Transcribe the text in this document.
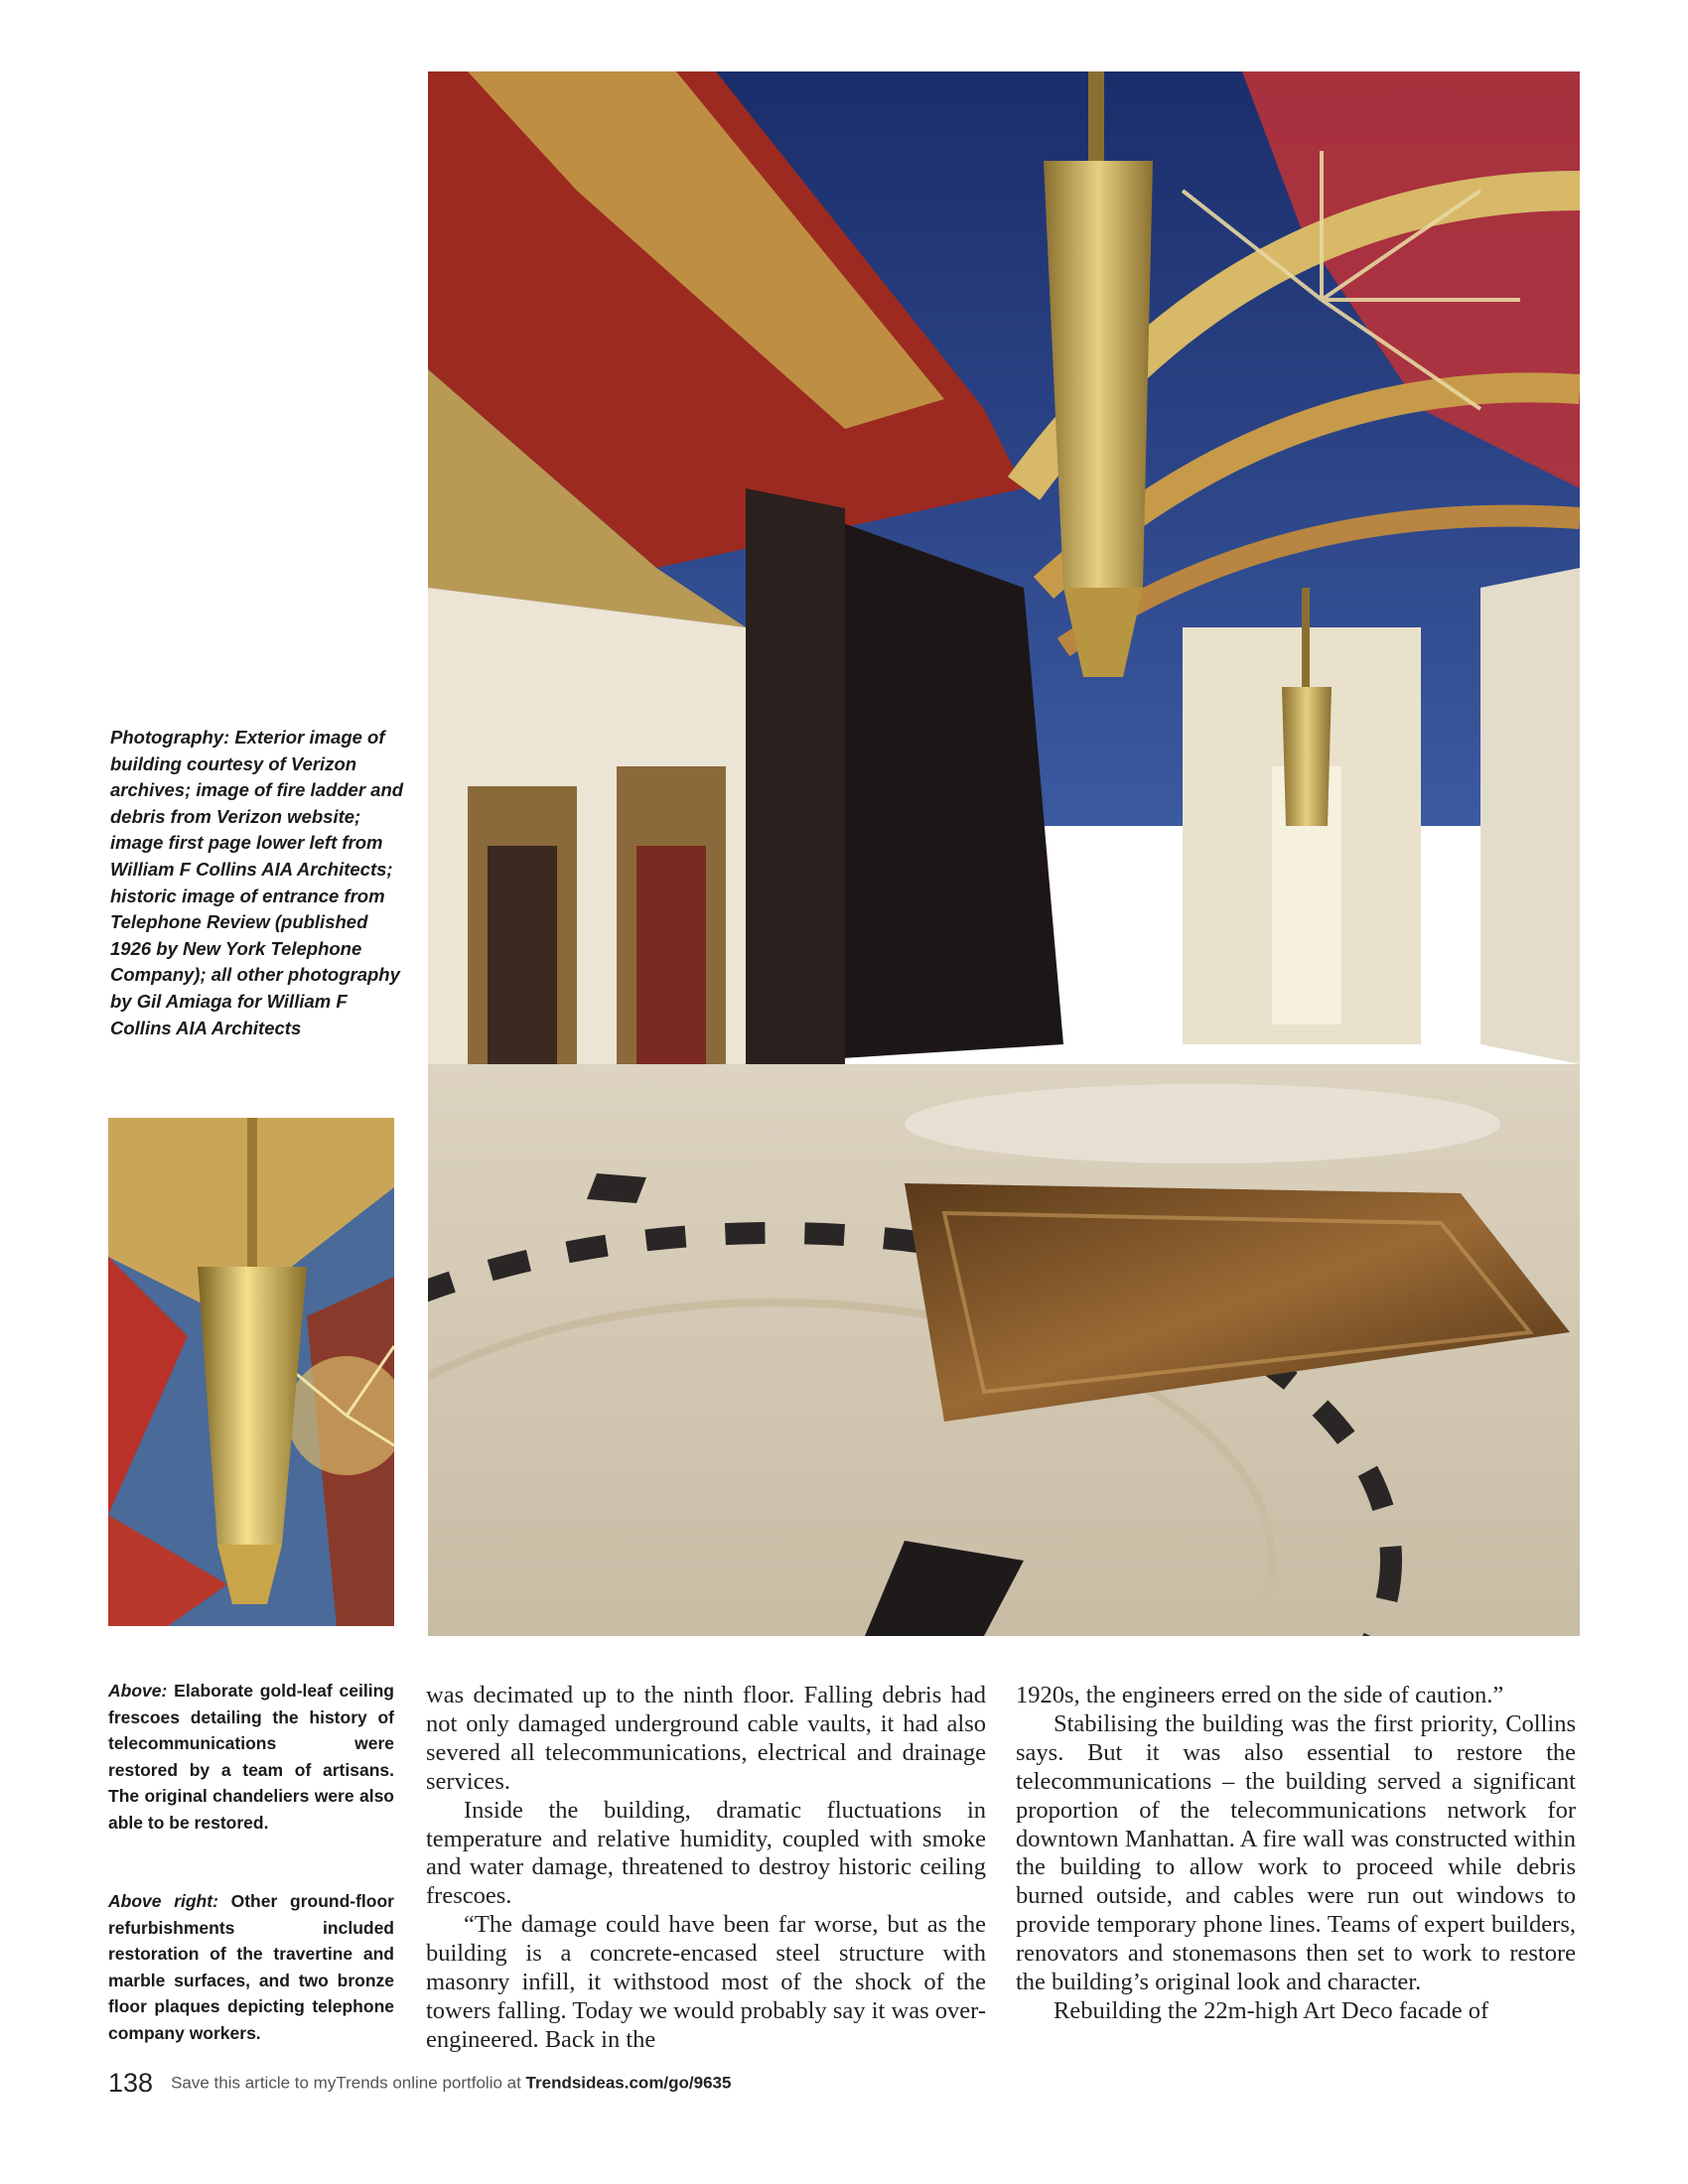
Photography: Exterior image of building courtesy of Verizon archives; image of fire ladder and debris from Verizon website; image first page lower left from William F Collins AIA Architects; historic image of entrance from Telephone Review (published 1926 by New York Telephone Company); all other photography by Gil Amiaga for William F Collins AIA Architects

Above: Elaborate gold-leaf ceiling frescoes detailing the history of telecommunications were restored by a team of artisans. The original chandeliers were also able to be restored.

Above right: Other ground-floor refurbishments included restoration of the travertine and marble surfaces, and two bronze floor plaques depicting telephone company workers.

was decimated up to the ninth floor. Falling debris had not only damaged underground cable vaults, it had also severed all telecommunications, electrical and drainage services.

Inside the building, dramatic fluctuations in temperature and relative humidity, coupled with smoke and water damage, threatened to destroy historic ceiling frescoes.

“The damage could have been far worse, but as the building is a concrete-encased steel structure with masonry infill, it withstood most of the shock of the towers falling. Today we would probably say it was over-engineered. Back in the

1920s, the engineers erred on the side of caution.”

Stabilising the building was the first priority, Collins says. But it was also essential to restore the telecommunications – the building served a significant proportion of the telecommunications network for downtown Manhattan. A fire wall was constructed within the building to allow work to proceed while debris burned outside, and cables were run out windows to provide temporary phone lines. Teams of expert builders, renovators and stonemasons then set to work to restore the building’s original look and character.

Rebuilding the 22m-high Art Deco facade of

138 Save this article to myTrends online portfolio at Trendsideas.com/go/9635
